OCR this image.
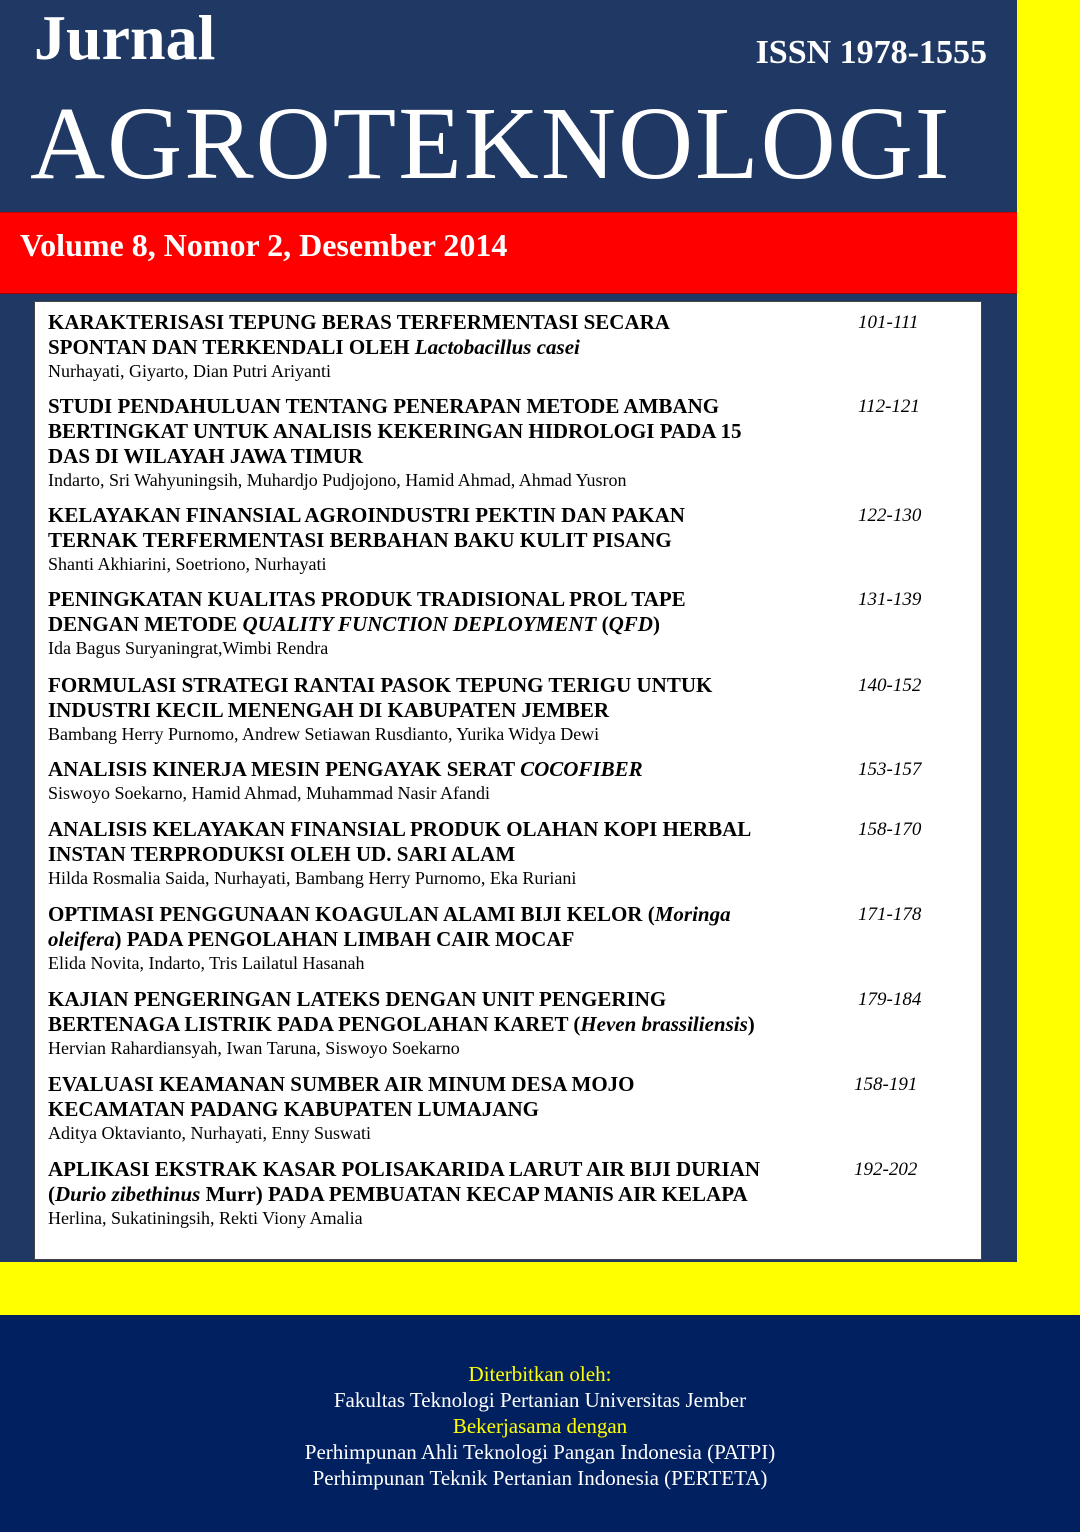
Jurnal	ISSN 1978-1555
AGROTEKNOLOGI
Volume 8, Nomor 2, Desember 2014
KARAKTERISASI TEPUNG BERAS TERFERMENTASI SECARA
SPONTAN DAN TERKENDALI OLEH Lactobacillus casei
Nurhayati, Giyarto, Dian Putri Ariyanti
101-111
STUDI PENDAHULUAN TENTANG PENERAPAN METODE AMBANG
BERTINGKAT UNTUK ANALISIS KEKERINGAN HIDROLOGI PADA 15
DAS DI WILAYAH JAWA TIMUR
Indarto, Sri Wahyuningsih, Muhardjo Pudjojono, Hamid Ahmad, Ahmad Yusron
112-121
KELAYAKAN FINANSIAL AGROINDUSTRI PEKTIN DAN PAKAN
TERNAK TERFERMENTASI BERBAHAN BAKU KULIT PISANG
Shanti Akhiarini, Soetriono, Nurhayati
122-130
PENINGKATAN KUALITAS PRODUK TRADISIONAL PROL TAPE
DENGAN METODE QUALITY FUNCTION DEPLOYMENT (QFD)
Ida Bagus Suryaningrat,Wimbi Rendra
131-139
FORMULASI STRATEGI RANTAI PASOK TEPUNG TERIGU UNTUK
INDUSTRI KECIL MENENGAH DI KABUPATEN JEMBER
Bambang Herry Purnomo, Andrew Setiawan Rusdianto, Yurika Widya Dewi
140-152
ANALISIS KINERJA MESIN PENGAYAK SERAT COCOFIBER
Siswoyo Soekarno, Hamid Ahmad, Muhammad Nasir Afandi
153-157
ANALISIS KELAYAKAN FINANSIAL PRODUK OLAHAN KOPI HERBAL
INSTAN TERPRODUKSI OLEH UD. SARI ALAM
Hilda Rosmalia Saida, Nurhayati, Bambang Herry Purnomo, Eka Ruriani
158-170
OPTIMASI PENGGUNAAN KOAGULAN ALAMI BIJI KELOR (Moringa
oleifera) PADA PENGOLAHAN LIMBAH CAIR MOCAF
Elida Novita, Indarto, Tris Lailatul Hasanah
171-178
KAJIAN PENGERINGAN LATEKS DENGAN UNIT PENGERING
BERTENAGA LISTRIK PADA PENGOLAHAN KARET (Heven brassiliensis)
Hervian Rahardiansyah, Iwan Taruna, Siswoyo Soekarno
179-184
EVALUASI KEAMANAN SUMBER AIR MINUM DESA MOJO
KECAMATAN PADANG KABUPATEN LUMAJANG
Aditya Oktavianto, Nurhayati, Enny Suswati
158-191
APLIKASI EKSTRAK KASAR POLISAKARIDA LARUT AIR BIJI DURIAN
(Durio zibethinus Murr) PADA PEMBUATAN KECAP MANIS AIR KELAPA
Herlina, Sukatiningsih, Rekti Viony Amalia
192-202
Diterbitkan oleh:
Fakultas Teknologi Pertanian Universitas Jember
Bekerjasama dengan
Perhimpunan Ahli Teknologi Pangan Indonesia (PATPI)
Perhimpunan Teknik Pertanian Indonesia (PERTETA)
